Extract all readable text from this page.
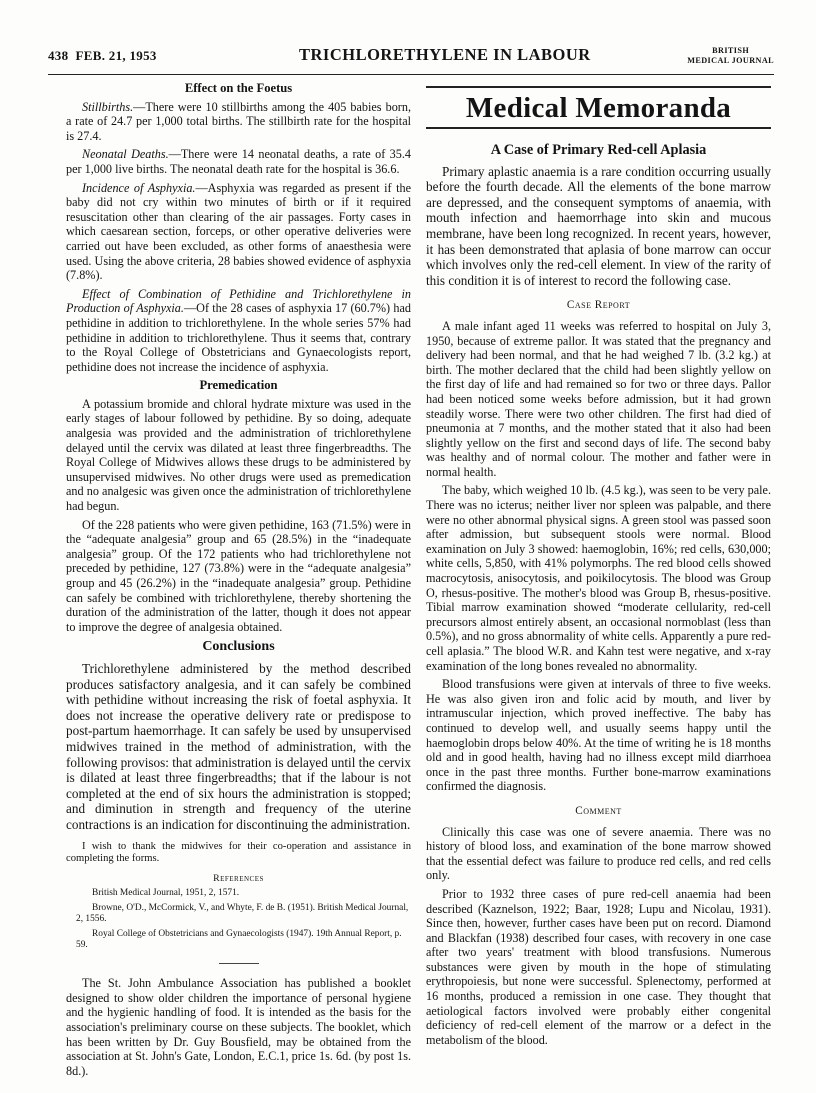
438 FEB. 21, 1953	TRICHLORETHYLENE IN LABOUR	BRITISH
MEDICAL JOURNAL
Effect on the Foetus

Stillbirths.—There were 10 stillbirths among the 405 babies born, a rate of 24.7 per 1,000 total births. The stillbirth rate for the hospital is 27.4.

Neonatal Deaths.—There were 14 neonatal deaths, a rate of 35.4 per 1,000 live births. The neonatal death rate for the hospital is 36.6.

Incidence of Asphyxia.—Asphyxia was regarded as present if the baby did not cry within two minutes of birth or if it required resuscitation other than clearing of the air passages. Forty cases in which caesarean section, forceps, or other operative deliveries were carried out have been excluded, as other forms of anaesthesia were used. Using the above criteria, 28 babies showed evidence of asphyxia (7.8%).

Effect of Combination of Pethidine and Trichlorethylene in Production of Asphyxia.—Of the 28 cases of asphyxia 17 (60.7%) had pethidine in addition to trichlorethylene. In the whole series 57% had pethidine in addition to trichlorethylene. Thus it seems that, contrary to the Royal College of Obstetricians and Gynaecologists report, pethidine does not increase the incidence of asphyxia.

Premedication

A potassium bromide and chloral hydrate mixture was used in the early stages of labour followed by pethidine. By so doing, adequate analgesia was provided and the administration of trichlorethylene delayed until the cervix was dilated at least three fingerbreadths. The Royal College of Midwives allows these drugs to be administered by unsupervised midwives. No other drugs were used as premedication and no analgesic was given once the administration of trichlorethylene had begun.

Of the 228 patients who were given pethidine, 163 (71.5%) were in the “adequate analgesia” group and 65 (28.5%) in the “inadequate analgesia” group. Of the 172 patients who had trichlorethylene not preceded by pethidine, 127 (73.8%) were in the “adequate analgesia” group and 45 (26.2%) in the “inadequate analgesia” group. Pethidine can safely be combined with trichlorethylene, thereby shortening the duration of the administration of the latter, though it does not appear to improve the degree of analgesia obtained.

Conclusions

Trichlorethylene administered by the method described produces satisfactory analgesia, and it can safely be combined with pethidine without increasing the risk of foetal asphyxia. It does not increase the operative delivery rate or predispose to post-partum haemorrhage. It can safely be used by unsupervised midwives trained in the method of administration, with the following provisos: that administration is delayed until the cervix is dilated at least three fingerbreadths; that if the labour is not completed at the end of six hours the administration is stopped; and diminution in strength and frequency of the uterine contractions is an indication for discontinuing the administration.

I wish to thank the midwives for their co-operation and assistance in completing the forms.

References

British Medical Journal, 1951, 2, 1571.

Browne, O'D., McCormick, V., and Whyte, F. de B. (1951). British Medical Journal, 2, 1556.

Royal College of Obstetricians and Gynaecologists (1947). 19th Annual Report, p. 59.

The St. John Ambulance Association has published a booklet designed to show older children the importance of personal hygiene and the hygienic handling of food. It is intended as the basis for the association's preliminary course on these subjects. The booklet, which has been written by Dr. Guy Bousfield, may be obtained from the association at St. John's Gate, London, E.C.1, price 1s. 6d. (by post 1s. 8d.).

Medical Memoranda
A Case of Primary Red-cell Aplasia

Primary aplastic anaemia is a rare condition occurring usually before the fourth decade. All the elements of the bone marrow are depressed, and the consequent symptoms of anaemia, with mouth infection and haemorrhage into skin and mucous membrane, have been long recognized. In recent years, however, it has been demonstrated that aplasia of bone marrow can occur which involves only the red-cell element. In view of the rarity of this condition it is of interest to record the following case.

Case Report

A male infant aged 11 weeks was referred to hospital on July 3, 1950, because of extreme pallor. It was stated that the pregnancy and delivery had been normal, and that he had weighed 7 lb. (3.2 kg.) at birth. The mother declared that the child had been slightly yellow on the first day of life and had remained so for two or three days. Pallor had been noticed some weeks before admission, but it had grown steadily worse. There were two other children. The first had died of pneumonia at 7 months, and the mother stated that it also had been slightly yellow on the first and second days of life. The second baby was healthy and of normal colour. The mother and father were in normal health.

The baby, which weighed 10 lb. (4.5 kg.), was seen to be very pale. There was no icterus; neither liver nor spleen was palpable, and there were no other abnormal physical signs. A green stool was passed soon after admission, but subsequent stools were normal. Blood examination on July 3 showed: haemoglobin, 16%; red cells, 630,000; white cells, 5,850, with 41% polymorphs. The red blood cells showed macrocytosis, anisocytosis, and poikilocytosis. The blood was Group O, rhesus-positive. The mother's blood was Group B, rhesus-positive. Tibial marrow examination showed “moderate cellularity, red-cell precursors almost entirely absent, an occasional normoblast (less than 0.5%), and no gross abnormality of white cells. Apparently a pure red-cell aplasia.” The blood W.R. and Kahn test were negative, and x-ray examination of the long bones revealed no abnormality.

Blood transfusions were given at intervals of three to five weeks. He was also given iron and folic acid by mouth, and liver by intramuscular injection, which proved ineffective. The baby has continued to develop well, and usually seems happy until the haemoglobin drops below 40%. At the time of writing he is 18 months old and in good health, having had no illness except mild diarrhoea once in the past three months. Further bone-marrow examinations confirmed the diagnosis.

Comment

Clinically this case was one of severe anaemia. There was no history of blood loss, and examination of the bone marrow showed that the essential defect was failure to produce red cells, and red cells only.

Prior to 1932 three cases of pure red-cell anaemia had been described (Kaznelson, 1922; Baar, 1928; Lupu and Nicolau, 1931). Since then, however, further cases have been put on record. Diamond and Blackfan (1938) described four cases, with recovery in one case after two years' treatment with blood transfusions. Numerous substances were given by mouth in the hope of stimulating erythropoiesis, but none were successful. Splenectomy, performed at 16 months, produced a remission in one case. They thought that aetiological factors involved were probably either congenital deficiency of red-cell element of the marrow or a defect in the metabolism of the blood.
